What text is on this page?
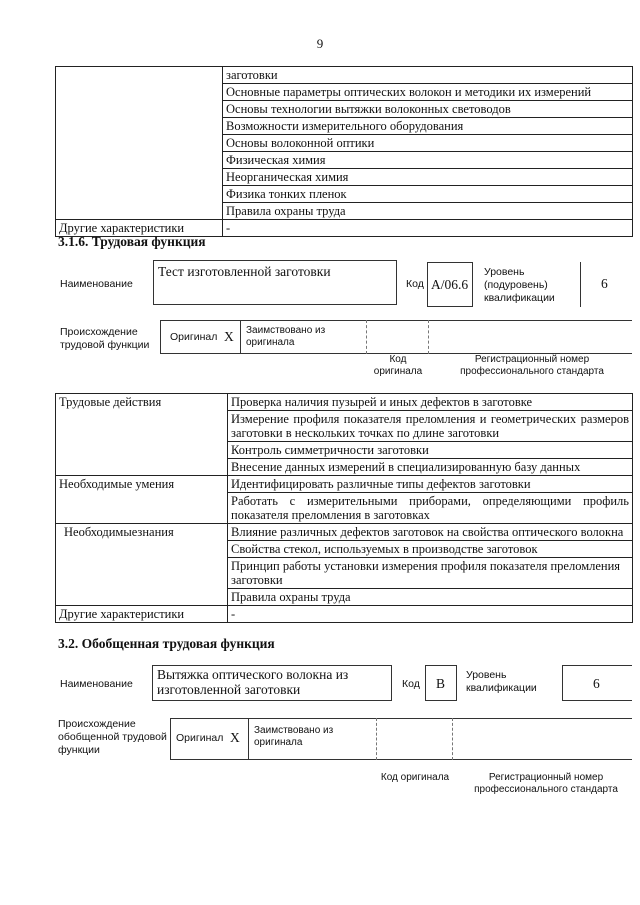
9
	заготовки
	Основные параметры оптических волокон и методики их измерений
	Основы технологии вытяжки волоконных световодов
	Возможности измерительного оборудования
	Основы волоконной оптики
	Физическая химия
	Неорганическая химия
	Физика тонких пленок
	Правила охраны труда
Другие характеристики	-
3.1.6. Трудовая функция
Наименование
Тест изготовленной заготовки
Код A/06.6
Уровень (подуровень) квалификации
6
Происхождение трудовой функции
Оригинал X Заимствовано из оригинала
Код оригинала
Регистрационный номер профессионального стандарта
Трудовые действия	Проверка наличия пузырей и иных дефектов в заготовке
	Измерение профиля показателя преломления и геометрических размеров заготовки в нескольких точках по длине заготовки
	Контроль симметричности заготовки
	Внесение данных измерений в специализированную базу данных
Необходимые умения	Идентифицировать различные типы дефектов заготовки
	Работать с измерительными приборами, определяющими профиль показателя преломления в заготовках
Необходимыезнания	Влияние различных дефектов заготовок на свойства оптического волокна
	Свойства стекол, используемых в производстве заготовок
	Принцип работы установки измерения профиля показателя преломления заготовки
	Правила охраны труда
Другие характеристики	-
3.2. Обобщенная трудовая функция
Наименование
Вытяжка оптического волокна из изготовленной заготовки	Код	B
Уровень квалификации	6
Происхождение обобщенной трудовой функции
Оригинал X Заимствовано из оригинала
Код оригинала	Регистрационный номер профессионального стандарта
